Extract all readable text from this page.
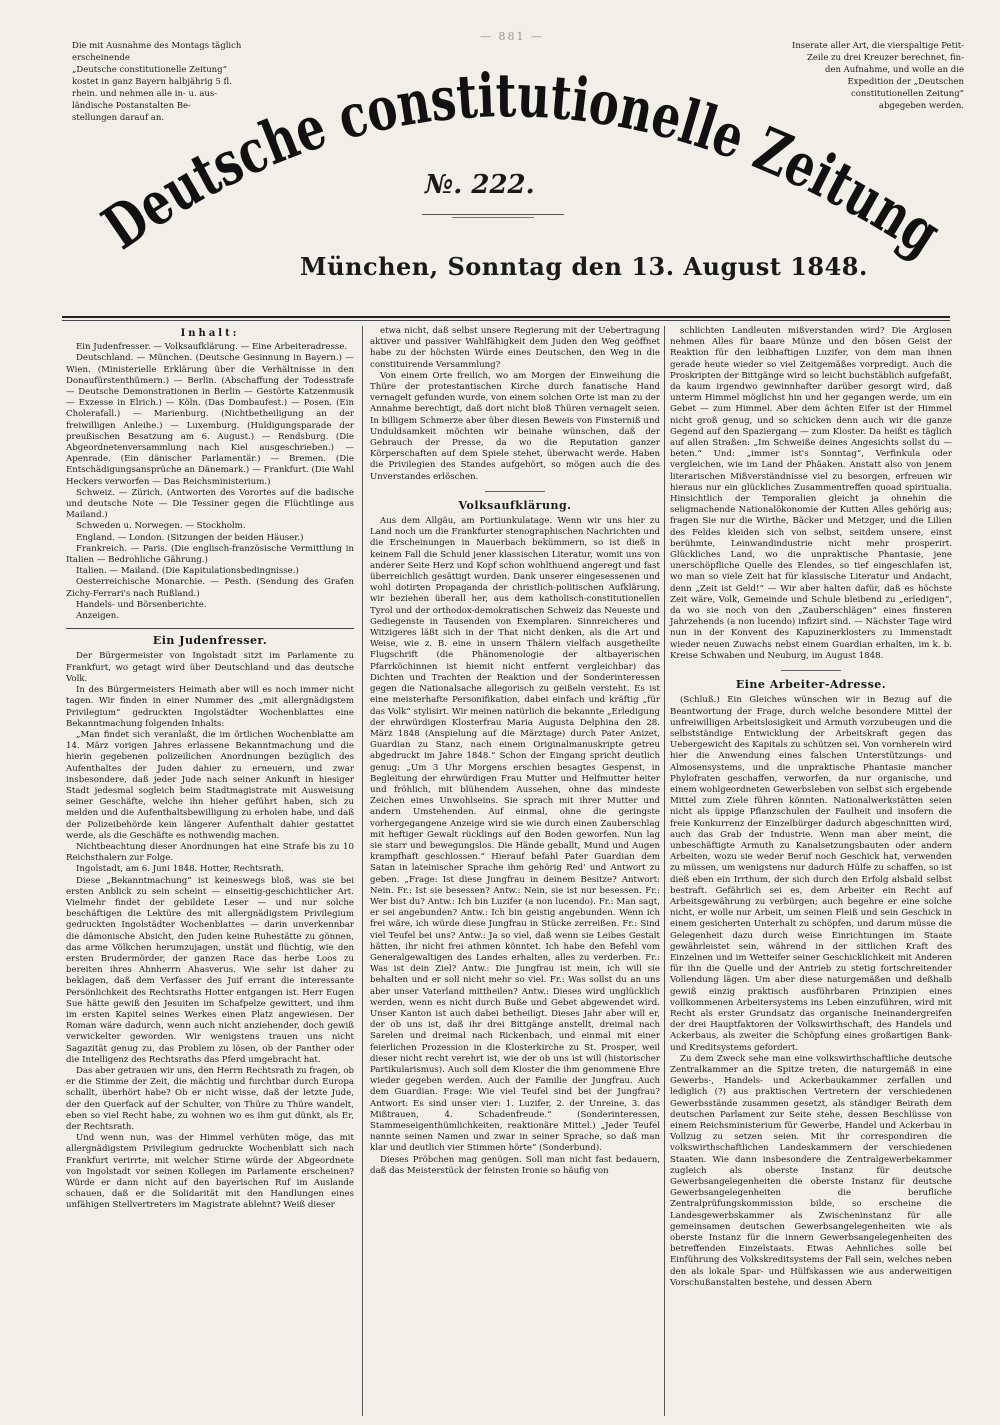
— 881 —
Die mit Ausnahme des Montags täglich erscheinende
„Deutsche constitutionelle Zeitung“
kostet in ganz Bayern halbjährig 5 fl.
rhein. und nehmen alle in- u. aus-
ländische Postanstalten Be-
stellungen darauf an.
Inserate aller Art, die vierspaltige Petit-
Zeile zu drei Kreuzer berechnet, fin-
den Aufnahme, und wolle an die
Expedition der „Deutschen
constitutionellen Zeitung“
abgegeben werden.
Deutsche constitutionelle Zeitung
№. 222.
München, Sonntag den 13. August 1848.
Inhalt:

Ein Judenfresser. — Volksaufklärung. — Eine Arbeiteradresse.

Deutschland. — München. (Deutsche Gesinnung in Bayern.) — Wien. (Ministerielle Erklärung über die Verhältnisse in den Donaufürstenthümern.) — Berlin. (Abschaffung der Todesstrafe — Deutsche Demonstrationen in Berlin — Gestörte Katzenmusik — Exzesse in Elrich.) — Köln. (Das Dombaufest.) — Posen. (Ein Cholerafall.) — Marienburg. (Nichtbetheiligung an der freiwilligen Anleihe.) — Luxemburg. (Huldigungsparade der preußischen Besatzung am 6. August.) — Rendsburg. (Die Abgeordnetenversammlung nach Kiel ausgeschrieben.) — Apenrade. (Ein dänischer Parlamentär.) — Bremen. (Die Entschädigungsansprüche an Dänemark.) — Frankfurt. (Die Wahl Heckers verworfen — Das Reichsministerium.)

Schweiz. — Zürich. (Antworten des Vorortes auf die badische und deutsche Note — Die Tessiner gegen die Flüchtlinge aus Mailand.)

Schweden u. Norwegen. — Stockholm.

England. — London. (Sitzungen der beiden Häuser.)

Frankreich. — Paris. (Die englisch-französische Vermittlung in Italien — Bedrohliche Gährung.)

Italien. — Mailand. (Die Kapitulationsbedingnisse.)

Oesterreichische Monarchie. — Pesth. (Sendung des Grafen Zichy-Ferrari's nach Rußland.)

Handels- und Börsenberichte.

Anzeigen.

Ein Judenfresser.

Der Bürgermeister von Ingolstadt sitzt im Parlamente zu Frankfurt, wo getagt wird über Deutschland und das deutsche Volk.

In des Bürgermeisters Heimath aber will es noch immer nicht tagen. Wir finden in einer Nummer des „mit allergnädigstem Privilegium“ gedruckten Ingolstädter Wochenblattes eine Bekanntmachung folgenden Inhalts:

„Man findet sich veranlaßt, die im örtlichen Wochenblatte am 14. März vorigen Jahres erlassene Bekanntmachung und die hierin gegebenen polizeilichen Anordnungen bezüglich des Aufenthaltes der Juden dahier zu erneuern, und zwar insbesondere, daß jeder Jude nach seiner Ankunft in hiesiger Stadt jedesmal sogleich beim Stadtmagistrate mit Ausweisung seiner Geschäfte, welche ihn hieher geführt haben, sich zu melden und die Aufenthaltsbewilligung zu erholen habe, und daß der Polizeibehörde kein längerer Aufenthalt dahier gestattet werde, als die Geschäfte es nothwendig machen.

Nichtbeachtung dieser Anordnungen hat eine Strafe bis zu 10 Reichsthalern zur Folge.

Ingolstadt, am 6. Juni 1848. Hotter, Rechtsrath.

Diese „Bekanntmachung“ ist keineswegs bloß, was sie bei ersten Anblick zu sein scheint — einseitig-geschichtlicher Art. Vielmehr findet der gebildete Leser — und nur solche beschäftigen die Lektüre des mit allergnädigstem Privilegium gedruckten Ingolstädter Wochenblattes — darin unverkennbar die dämonische Absicht, den Juden keine Ruhestätte zu gönnen, das arme Völkchen herumzujagen, unstät und flüchtig, wie den ersten Brudermörder, der ganzen Race das herbe Loos zu bereiten ihres Ahnherrn Ahasverus. Wie sehr ist daher zu beklagen, daß dem Verfasser des Juif errant die interessante Persönlichkeit des Rechtsraths Hotter entgangen ist. Herr Eugen Sue hätte gewiß den Jesuiten im Schafpelze gewittert, und ihm im ersten Kapitel seines Werkes einen Platz angewiesen. Der Roman wäre dadurch, wenn auch nicht anziehender, doch gewiß verwickelter geworden. Wir wenigstens trauen uns nicht Sagazität genug zu, das Problem zu lösen, ob der Panther oder die Intelligenz des Rechtsraths das Pferd umgebracht hat.

Das aber getrauen wir uns, den Herrn Rechtsrath zu fragen, ob er die Stimme der Zeit, die mächtig und furchtbar durch Europa schallt, überhört habe? Ob er nicht wisse, daß der letzte Jude, der den Querfack auf der Schulter, von Thüre zu Thüre wandelt, eben so viel Recht habe, zu wohnen wo es ihm gut dünkt, als Er, der Rechtsrath.

Und wenn nun, was der Himmel verhüten möge, das mit allergnädigstem Privilegium gedruckte Wochenblatt sich nach Frankfurt verirrte, mit welcher Stirne würde der Abgeordnete von Ingolstadt vor seinen Kollegen im Parlamente erscheinen? Würde er dann nicht auf den bayerischen Ruf im Auslande schauen, daß er die Solidarität mit den Handlungen eines unfähigen Stellvertreters im Magistrate ablehnt? Weiß dieser

etwa nicht, daß selbst unsere Regierung mit der Uebertragung aktiver und passiver Wahlfähigkeit dem Juden den Weg geöffnet habe zu der höchsten Würde eines Deutschen, den Weg in die constituirende Versammlung?

Von einem Orte freilich, wo am Morgen der Einweihung die Thüre der protestantischen Kirche durch fanatische Hand vernagelt gefunden wurde, von einem solchen Orte ist man zu der Annahme berechtigt, daß dort nicht bloß Thüren vernagelt seien. In billigem Schmerze aber über diesen Beweis von Finsterniß und Unduldsamkeit möchten wir beinahe wünschen, daß der Gebrauch der Presse, da wo die Reputation ganzer Körperschaften auf dem Spiele stehet, überwacht werde. Haben die Privilegien des Standes aufgehört, so mögen auch die des Unverstandes erlöschen.

Volksaufklärung.

Aus dem Allgäu, am Portiunkulatage. Wenn wir uns hier zu Land noch um die Frankfurter stenographischen Nachrichten und die Erscheinungen in Mauerbach bekümmern, so ist dieß in keinem Fall die Schuld jener klassischen Literatur, womit uns von anderer Seite Herz und Kopf schon wohlthuend angeregt und fast überreichlich gesättigt wurden. Dank unserer eingesessenen und wohl dotirten Propaganda der christlich-politischen Aufklärung, wir beziehen überall her, aus dem katholisch-constitutionellen Tyrol und der orthodox-demokratischen Schweiz das Neueste und Gediegenste in Tausenden von Exemplaren. Sinnreicheres und Witzigeres läßt sich in der That nicht denken, als die Art und Weise, wie z. B. eine in unsern Thälern vielfach ausgetheilte Flugschrift (die Phänomenologie der altbayerischen Pfarrköchinnen ist hiemit nicht entfernt vergleichbar) das Dichten und Trachten der Reaktion und der Sonderinteressen gegen die Nationalsache allegorisch zu geißeln versteht. Es ist eine meisterhafte Personifikation, dabei einfach und kräftig „für das Volk“ stylisirt. Wir meinen natürlich die bekannte „Erledigung der ehrwürdigen Klosterfrau Maria Augusta Delphina den 28. März 1848 (Anspielung auf die Märztage) durch Pater Anizet, Guardian zu Stanz, nach einem Originalmanuskripte getreu abgedruckt im Jahre 1848.“ Schon der Eingang spricht deutlich genug: „Um 3 Uhr Morgens erschien besagtes Gespenst, in Begleitung der ehrwürdigen Frau Mutter und Helfmutter heiter und fröhlich, mit blühendem Aussehen, ohne das mindeste Zeichen eines Unwohlseins. Sie sprach mit ihrer Mutter und andern Umstehenden. Auf einmal, ohne die geringste vorhergegangene Anzeige wird sie wie durch einen Zauberschlag mit heftiger Gewalt rücklings auf den Boden geworfen. Nun lag sie starr und bewegungslos. Die Hände geballt, Mund und Augen krampfhaft geschlossen.“ Hierauf befahl Pater Guardian dem Satan in lateinischer Sprache ihm gehörig Red' und Antwort zu geben. „Frage: Ist diese Jungfrau in deinem Besitze? Antwort: Nein. Fr.: Ist sie besessen? Antw.: Nein, sie ist nur besessen. Fr.: Wer bist du? Antw.: Ich bin Luzifer (a non lucendo). Fr.: Man sagt, er sei angebunden? Antw.: Ich bin geistig angebunden. Wenn ich frei wäre, ich würde diese Jungfrau in Stücke zerreißen. Fr.: Sind viel Teufel bei uns? Antw.: Ja so viel, daß wenn sie Leibes Gestalt hätten, ihr nicht frei athmen könntet. Ich habe den Befehl vom Generalgewaltigen des Landes erhalten, alles zu verderben. Fr.: Was ist dein Ziel? Antw.: Die Jungfrau ist mein, ich will sie behalten und er soll nicht mehr so viel. Fr.: Was sollst du an uns aber unser Vaterland mittheilen? Antw.: Dieses wird unglücklich werden, wenn es nicht durch Buße und Gebet abgewendet wird. Unser Kanton ist auch dabei betheiligt. Dieses Jahr aber will er, der ob uns ist, daß ihr drei Bittgänge anstellt, dreimal nach Sarelen und dreimal nach Rickenbach, und einmal mit einer feierlichen Prozession in die Klosterkirche zu St. Prosper, weil dieser nicht recht verehrt ist, wie der ob uns ist will (historischer Partikularismus). Auch soll dem Kloster die ihm genommene Ehre wieder gegeben werden. Auch der Familie der Jungfrau. Auch dem Guardian. Frage: Wie viel Teufel sind bei der Jungfrau? Antwort: Es sind unser vier: 1. Luzifer, 2. der Unreine, 3. das Mißtrauen, 4. Schadenfreude.“ (Sonderinteressen, Stammeseigenthümlichkeiten, reaktionäre Mittel.) „Jeder Teufel nannte seinen Namen und zwar in seiner Sprache, so daß man klar und deutlich vier Stimmen hörte“ (Sonderbund).

Dieses Pröbchen mag genügen. Soll man nicht fast bedauern, daß das Meisterstück der feinsten Ironie so häufig von

schlichten Landleuten mißverstanden wird? Die Arglosen nehmen Alles für baare Münze und den bösen Geist der Reaktion für den leibhaftigen Luzifer, von dem man ihnen gerade heute wieder so viel Zeitgemäßes vorpredigt. Auch die Proskripten der Bittgänge wird so leicht buchstäblich aufgefaßt, da kaum irgendwo gewinnhafter darüber gesorgt wird, daß unterm Himmel möglichst hin und her gegangen werde, um ein Gebet — zum Himmel. Aber dem ächten Eifer ist der Himmel nicht groß genug, und so schicken denn auch wir die ganze Gegend auf den Spaziergang — zum Kloster. Da heißt es täglich auf allen Straßen: „Im Schweiße deines Angesichts sollst du — beten.“ Und: „immer ist's Sonntag“, Verfinkula oder vergleichen, wie im Land der Phäaken. Anstatt also von jenem literarischen Mißverständnisse viel zu besorgen, erfreuen wir hieraus nur ein glückliches Zusammentreffen quoad spiritualia. Hinsichtlich der Temporalien gleicht ja ohnehin die seligmachende Nationalökonomie der Kutten Alles gehörig aus; fragen Sie nur die Wirthe, Bäcker und Metzger, und die Lilien des Feldes kleiden sich von selbst, seitdem unsere, einst berühmte, Leinwandindustrie nicht mehr prosperirt. Glückliches Land, wo die unpraktische Phantasie, jene unerschöpfliche Quelle des Elendes, so tief eingeschlafen ist, wo man so viele Zeit hat für klassische Literatur und Andacht, denn „Zeit ist Geld!“ — Wir aber halten dafür, daß es höchste Zeit wäre, Volk, Gemeinde und Schule bleibend zu „erledigen“, da wo sie noch von den „Zauberschlägen“ eines finsteren Jahrzehends (a non lucendo) infizirt sind. — Nächster Tage wird nun in der Konvent des Kapuzinerklosters zu Immenstadt wieder neuen Zuwachs nebst einem Guardian erhalten, im k. b. Kreise Schwaben und Neuburg, im August 1848.

Eine Arbeiter-Adresse.

(Schluß.) Ein Gleiches wünschen wir in Bezug auf die Beantwortung der Frage, durch welche besondere Mittel der unfreiwilligen Arbeitslosigkeit und Armuth vorzubeugen und die selbstständige Entwicklung der Arbeitskraft gegen das Uebergewicht des Kapitals zu schützen sei. Von vornherein wird hier die Anwendung eines falschen Unterstützungs- und Almosensystems, und die unpraktische Phantasie mancher Phylofraten geschaffen, verworfen, da nur organische, und einem wohlgeordneten Gewerbsleben von selbst sich ergebende Mittel zum Ziele führen könnten. Nationalwerkstätten seien nicht als üppige Pflanzschulen der Faulheit und insofern die freie Konkurrenz der Einzelbürger dadurch abgeschnitten wird, auch das Grab der Industrie. Wenn man aber meint, die unbeschäftigte Armuth zu Kanalsetzungsbauten oder andern Arbeiten, wozu sie weder Beruf noch Geschick hat, verwenden zu müssen, um wenigstens nur dadurch Hülfe zu schaffen, so ist dieß eben ein Irrthum, der sich durch den Erfolg alsbald selbst bestraft. Gefährlich sei es, dem Arbeiter ein Recht auf Arbeitsgewährung zu verbürgen; auch begehre er eine solche nicht, er wolle nur Arbeit, um seinen Fleiß und sein Geschick in einem gesicherten Unterhalt zu schöpfen, und darum müsse die Gelegenheit dazu durch weise Einrichtungen im Staate gewährleistet sein, während in der sittlichen Kraft des Einzelnen und im Wetteifer seiner Geschicklichkeit mit Anderen für ihn die Quelle und der Antrieb zu stetig fortschreitender Vollendung lägen. Um aber diese naturgemäßen und deßhalb gewiß einzig praktisch ausführbaren Prinzipien eines vollkommenen Arbeitersystems ins Leben einzuführen, wird mit Recht als erster Grundsatz das organische Ineinandergreifen der drei Hauptfaktoren der Volkswirthschaft, des Handels und Ackerbaus, als zweiter die Schöpfung eines großartigen Bank- und Kreditsystems gefordert.

Zu dem Zweck sehe man eine volkswirthschaftliche deutsche Zentralkammer an die Spitze treten, die naturgemäß in eine Gewerbs-, Handels- und Ackerbaukammer zerfallen und lediglich (?) aus praktischen Vertretern der verschiedenen Gewerbsstände zusammen gesetzt, als ständiger Beirath dem deutschen Parlament zur Seite stehe, dessen Beschlüsse von einem Reichsministerium für Gewerbe, Handel und Ackerbau in Vollzug zu setzen seien. Mit ihr correspondiren die volkswirthschaftlichen Landeskammern der verschiedenen Staaten. Wie dann insbesondere die Zentralgewerbekammer zugleich als oberste Instanz für deutsche Gewerbsangelegenheiten die oberste Instanz für deutsche Gewerbsangelegenheiten die berufliche Zentralprüfungskommission bilde, so erscheine die Landesgewerbskammer als Zwischeninstanz für alle gemeinsamen deutschen Gewerbsangelegenheiten wie als oberste Instanz für die innern Gewerbsangelegenheiten des betreffenden Einzelstaats. Etwas Aehnliches solle bei Einführung des Volkskreditsystems der Fall sein, welches neben den als lokale Spar- und Hülfskassen wie aus anderweitigen Vorschußanstalten bestehe, und dessen Abern
